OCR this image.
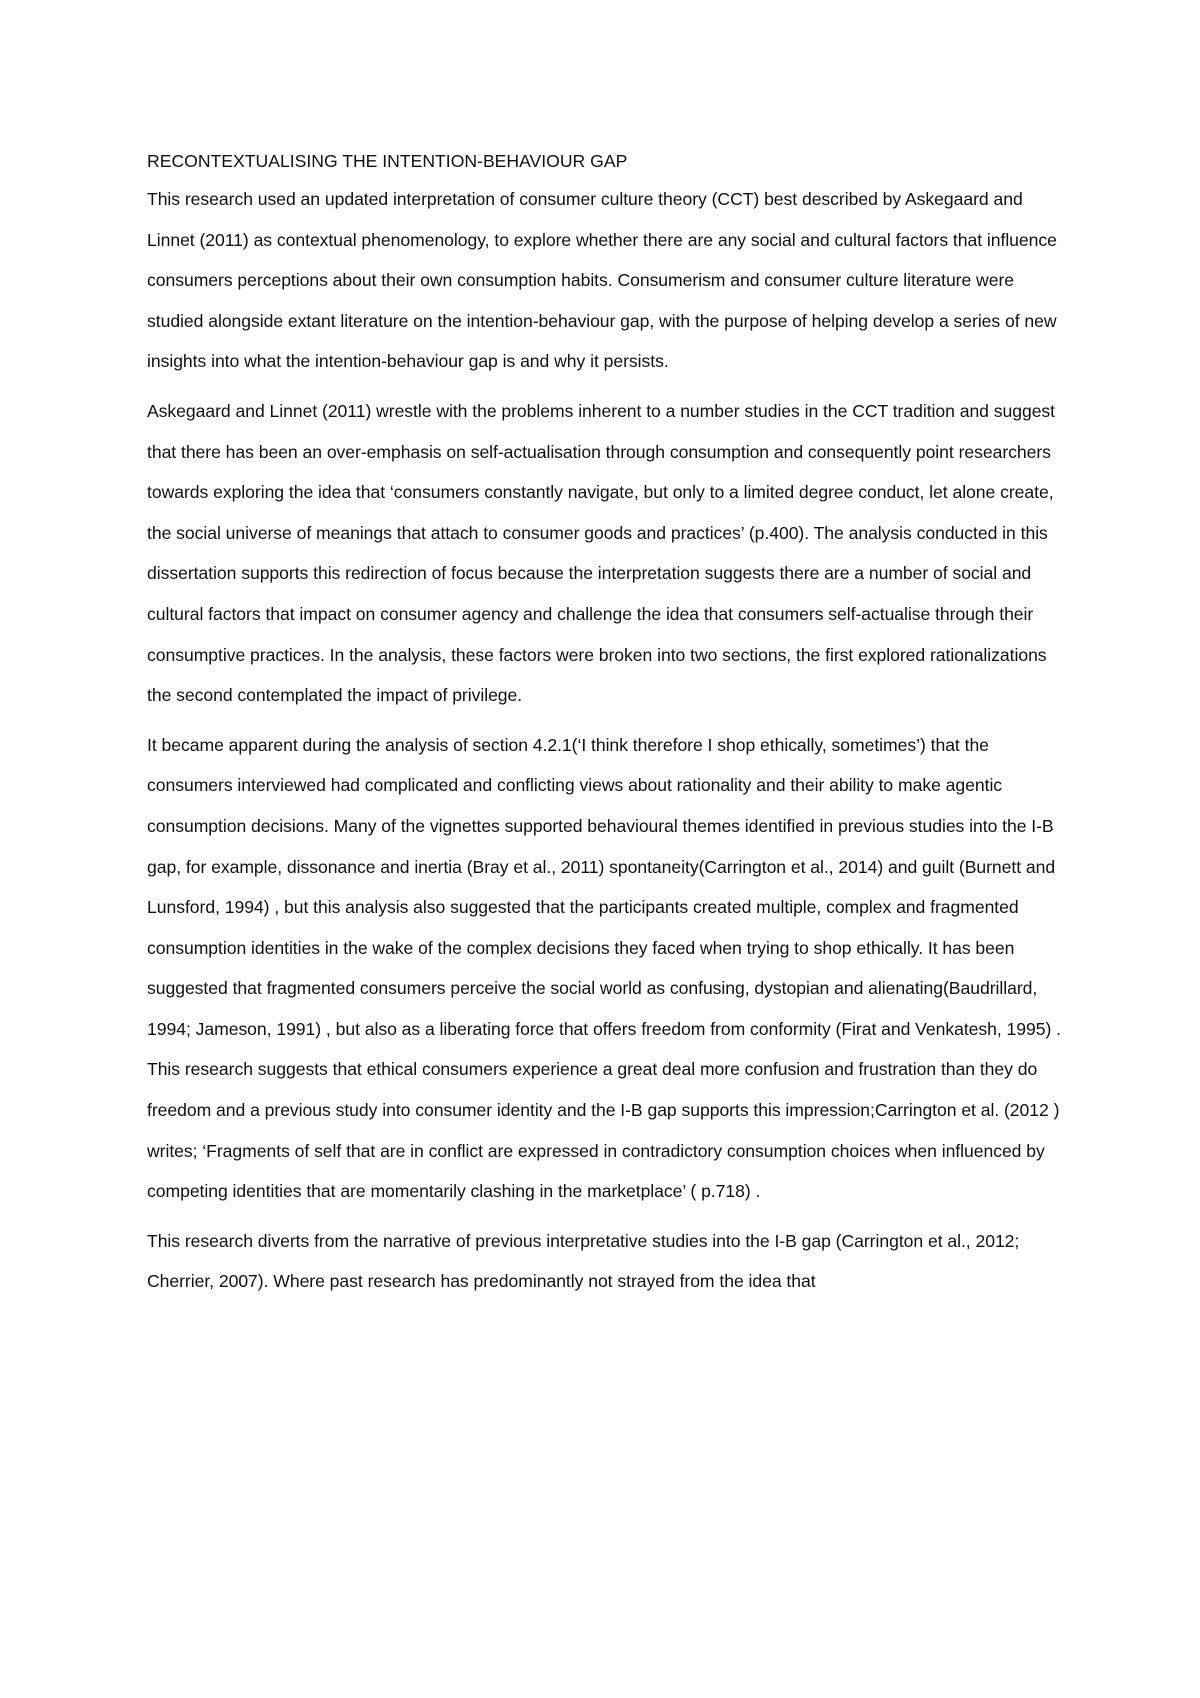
RECONTEXTUALISING THE INTENTION-BEHAVIOUR GAP

This research used an updated interpretation of consumer culture theory (CCT) best described by Askegaard and Linnet (2011) as contextual phenomenology, to explore whether there are any social and cultural factors that influence consumers perceptions about their own consumption habits. Consumerism and consumer culture literature were studied alongside extant literature on the intention-behaviour gap, with the purpose of helping develop a series of new insights into what the intention-behaviour gap is and why it persists.

Askegaard and Linnet (2011) wrestle with the problems inherent to a number studies in the CCT tradition and suggest that there has been an over-emphasis on self-actualisation through consumption and consequently point researchers towards exploring the idea that ‘consumers constantly navigate, but only to a limited degree conduct, let alone create, the social universe of meanings that attach to consumer goods and practices’ (p.400). The analysis conducted in this dissertation supports this redirection of focus because the interpretation suggests there are a number of social and cultural factors that impact on consumer agency and challenge the idea that consumers self-actualise through their consumptive practices. In the analysis, these factors were broken into two sections, the first explored rationalizations the second contemplated the impact of privilege.

It became apparent during the analysis of section 4.2.1(‘I think therefore I shop ethically, sometimes’) that the consumers interviewed had complicated and conflicting views about rationality and their ability to make agentic consumption decisions. Many of the vignettes supported behavioural themes identified in previous studies into the I-B gap, for example, dissonance and inertia (Bray et al., 2011) spontaneity(Carrington et al., 2014) and guilt (Burnett and Lunsford, 1994) , but this analysis also suggested that the participants created multiple, complex and fragmented consumption identities in the wake of the complex decisions they faced when trying to shop ethically. It has been suggested that fragmented consumers perceive the social world as confusing, dystopian and alienating(Baudrillard, 1994; Jameson, 1991) , but also as a liberating force that offers freedom from conformity (Firat and Venkatesh, 1995) . This research suggests that ethical consumers experience a great deal more confusion and frustration than they do freedom and a previous study into consumer identity and the I-B gap supports this impression;Carrington et al. (2012 ) writes; ‘Fragments of self that are in conflict are expressed in contradictory consumption choices when influenced by competing identities that are momentarily clashing in the marketplace’ ( p.718) .

This research diverts from the narrative of previous interpretative studies into the I-B gap (Carrington et al., 2012; Cherrier, 2007). Where past research has predominantly not strayed from the idea that
